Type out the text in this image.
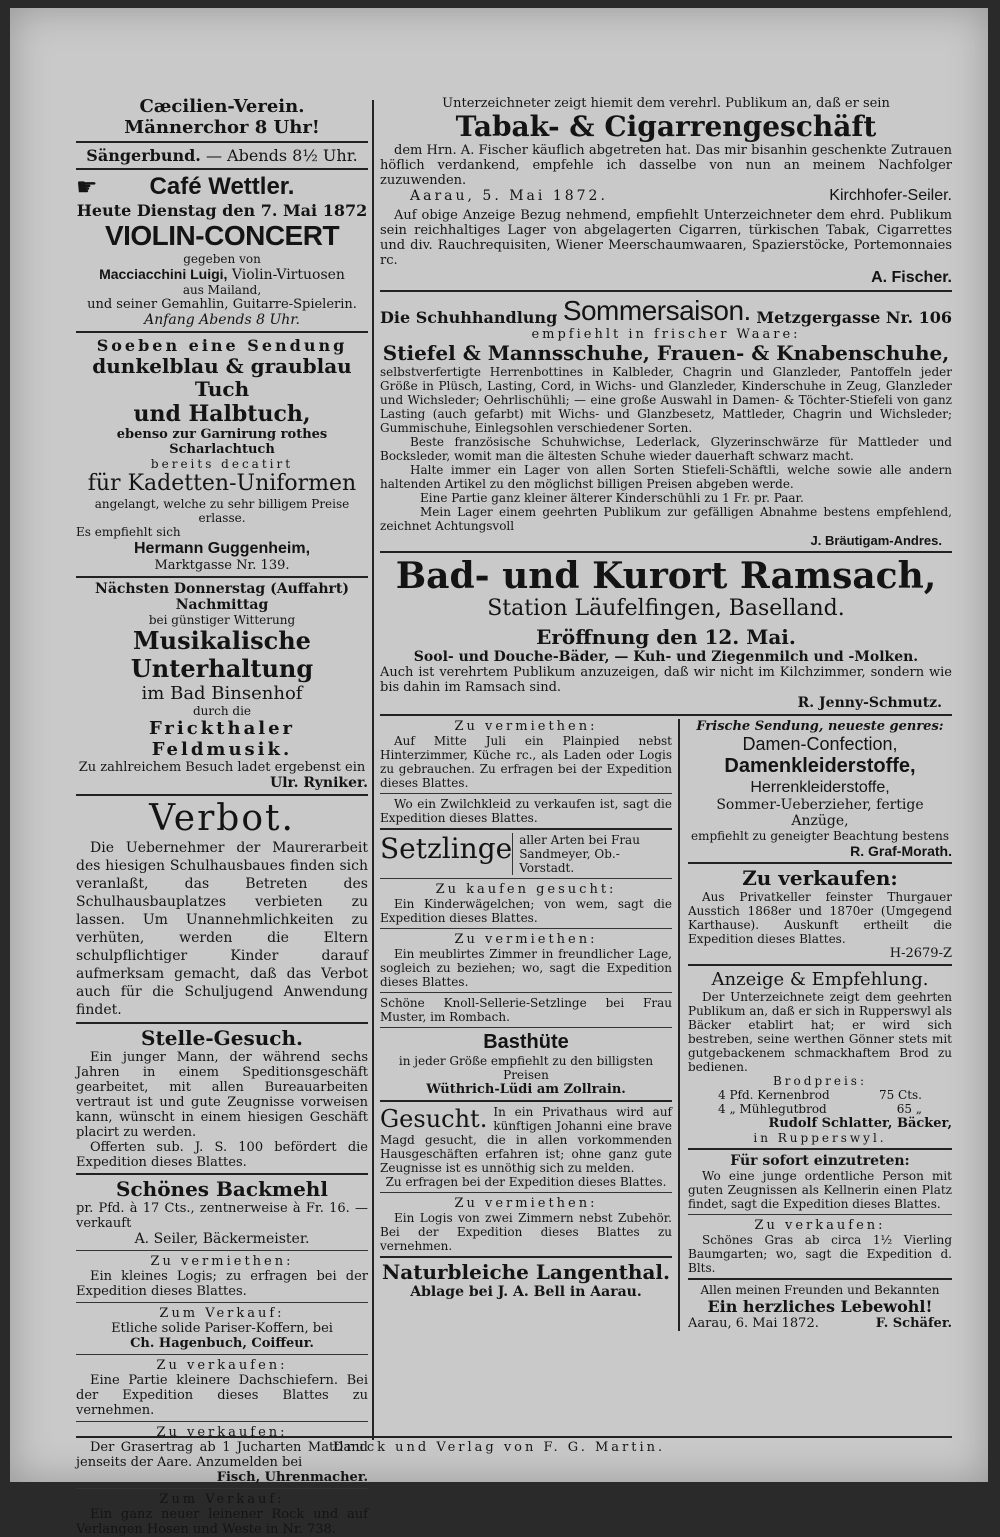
Cæcilien-Verein.

Männerchor 8 Uhr!

Sängerbund. — Abends 8½ Uhr.
☛	Café Wettler.

Heute Dienstag den 7. Mai 1872

VIOLIN-CONCERT

gegeben von

Macciacchini Luigi, Violin-Virtuosen

aus Mailand,

und seiner Gemahlin, Guitarre-Spielerin.

Anfang Abends 8 Uhr.

Soeben eine Sendung

dunkelblau & graublau Tuch

und Halbtuch,

ebenso zur Garnirung rothes Scharlachtuch

bereits decatirt

für Kadetten-Uniformen

angelangt, welche zu sehr billigem Preise erlasse.

Es empfiehlt sich

Hermann Guggenheim,

Marktgasse Nr. 139.

Nächsten Donnerstag (Auffahrt) Nachmittag

bei günstiger Witterung

Musikalische Unterhaltung

im Bad Binsenhof

durch die

Frickthaler Feldmusik.

Zu zahlreichem Besuch ladet ergebenst ein

Ulr. Ryniker.

Verbot.

Die Uebernehmer der Maurerarbeit des hiesigen Schulhausbaues finden sich veranlaßt, das Betreten des Schulhausbauplatzes verbieten zu lassen. Um Unannehmlichkeiten zu verhüten, werden die Eltern schulpflichtiger Kinder darauf aufmerksam gemacht, daß das Verbot auch für die Schuljugend Anwendung findet.

Stelle-Gesuch.

Ein junger Mann, der während sechs Jahren in einem Speditionsgeschäft gearbeitet, mit allen Bureauarbeiten vertraut ist und gute Zeugnisse vorweisen kann, wünscht in einem hiesigen Geschäft placirt zu werden.

Offerten sub. J. S. 100 befördert die Expedition dieses Blattes.

Schönes Backmehl

pr. Pfd. à 17 Cts., zentnerweise à Fr. 16. — verkauft

A. Seiler, Bäckermeister.

Zu vermiethen:

Ein kleines Logis; zu erfragen bei der Expedition dieses Blattes.

Zum Verkauf:

Etliche solide Pariser-Koffern, bei

Ch. Hagenbuch, Coiffeur.

Zu verkaufen:

Eine Partie kleinere Dachschiefern. Bei der Expedition dieses Blattes zu vernehmen.

Zu verkaufen:

Der Grasertrag ab 1 Jucharten Mattland jenseits der Aare. Anzumelden bei

Fisch, Uhrenmacher.

Zum Verkauf:

Ein ganz neuer leinener Rock und auf Verlangen Hosen und Weste in Nr. 738.

Unterzeichneter zeigt hiemit dem verehrl. Publikum an, daß er sein

Tabak- & Cigarrengeschäft

dem Hrn. A. Fischer käuflich abgetreten hat. Das mir bisanhin geschenkte Zutrauen höflich verdankend, empfehle ich dasselbe von nun an meinem Nachfolger zuzuwenden.

Aarau, 5. Mai 1872.	Kirchhofer-Seiler.

Auf obige Anzeige Bezug nehmend, empfiehlt Unterzeichneter dem ehrd. Publikum sein reichhaltiges Lager von abgelagerten Cigarren, türkischen Tabak, Cigarrettes und div. Rauchrequisiten, Wiener Meerschaumwaaren, Spazierstöcke, Portemonnaies rc.

A. Fischer.

Die Schuhhandlung Sommersaison. Metzgergasse Nr. 106

empfiehlt in frischer Waare:

Stiefel & Mannsschuhe, Frauen- & Knabenschuhe,

selbstverfertigte Herrenbottines in Kalbleder, Chagrin und Glanzleder, Pantoffeln jeder Größe in Plüsch, Lasting, Cord, in Wichs- und Glanzleder, Kinderschuhe in Zeug, Glanzleder und Wichsleder; Oehrlischühli; — eine große Auswahl in Damen- & Töchter-Stiefeli von ganz Lasting (auch gefarbt) mit Wichs- und Glanzbesetz, Mattleder, Chagrin und Wichsleder; Gummischuhe, Einlegsohlen verschiedener Sorten.

Beste französische Schuhwichse, Lederlack, Glyzerinschwärze für Mattleder und Bocksleder, womit man die ältesten Schuhe wieder dauerhaft schwarz macht.

Halte immer ein Lager von allen Sorten Stiefeli-Schäftli, welche sowie alle andern haltenden Artikel zu den möglichst billigen Preisen abgeben werde.

Eine Partie ganz kleiner älterer Kinderschühli zu 1 Fr. pr. Paar.

Mein Lager einem geehrten Publikum zur gefälligen Abnahme bestens empfehlend, zeichnet Achtungsvoll

J. Bräutigam-Andres.

Bad- und Kurort Ramsach,

Station Läufelfingen, Baselland.

Eröffnung den 12. Mai.

Sool- und Douche-Bäder, — Kuh- und Ziegenmilch und -Molken.

Auch ist verehrtem Publikum anzuzeigen, daß wir nicht im Kilchzimmer, sondern wie bis dahin im Ramsach sind.

R. Jenny-Schmutz.

Zu vermiethen:

Auf Mitte Juli ein Plainpied nebst Hinterzimmer, Küche rc., als Laden oder Logis zu gebrauchen. Zu erfragen bei der Expedition dieses Blattes.

Wo ein Zwilchkleid zu verkaufen ist, sagt die Expedition dieses Blattes.

Setzlinge aller Arten bei Frau Sandmeyer, Ob.-Vorstadt.

Zu kaufen gesucht:

Ein Kinderwägelchen; von wem, sagt die Expedition dieses Blattes.

Zu vermiethen:

Ein meublirtes Zimmer in freundlicher Lage, sogleich zu beziehen; wo, sagt die Expedition dieses Blattes.

Schöne Knoll-Sellerie-Setzlinge bei Frau Muster, im Rombach.

Basthüte

in jeder Größe empfiehlt zu den billigsten Preisen

Wüthrich-Lüdi am Zollrain.

Gesucht. In ein Privathaus wird auf künftigen Johanni eine brave Magd gesucht, die in allen vorkommenden Hausgeschäften erfahren ist; ohne ganz gute Zeugnisse ist es unnöthig sich zu melden.

Zu erfragen bei der Expedition dieses Blattes.

Zu vermiethen:

Ein Logis von zwei Zimmern nebst Zubehör. Bei der Expedition dieses Blattes zu vernehmen.

Naturbleiche Langenthal.

Ablage bei J. A. Bell in Aarau.

Frische Sendung, neueste genres:

Damen-Confection,

Damenkleiderstoffe,

Herrenkleiderstoffe,

Sommer-Ueberzieher, fertige Anzüge,

empfiehlt zu geneigter Beachtung bestens

R. Graf-Morath.

Zu verkaufen:

Aus Privatkeller feinster Thurgauer Ausstich 1868er und 1870er (Umgegend Karthause). Auskunft ertheilt die Expedition dieses Blattes.

H-2679-Z

Anzeige & Empfehlung.

Der Unterzeichnete zeigt dem geehrten Publikum an, daß er sich in Rupperswyl als Bäcker etablirt hat; er wird sich bestreben, seine werthen Gönner stets mit gutgebackenem schmackhaftem Brod zu bedienen.

Brodpreis:

4 Pfd. Kernenbrod	75 Cts.
4 „ Mühlegutbrod	65 „

Rudolf Schlatter, Bäcker,

in Rupperswyl.

Für sofort einzutreten:

Wo eine junge ordentliche Person mit guten Zeugnissen als Kellnerin einen Platz findet, sagt die Expedition dieses Blattes.

Zu verkaufen:

Schönes Gras ab circa 1½ Vierling Baumgarten; wo, sagt die Expedition d. Blts.

Allen meinen Freunden und Bekannten

Ein herzliches Lebewohl!

Aarau, 6. Mai 1872.	F. Schäfer.
Druck und Verlag von F. G. Martin.
